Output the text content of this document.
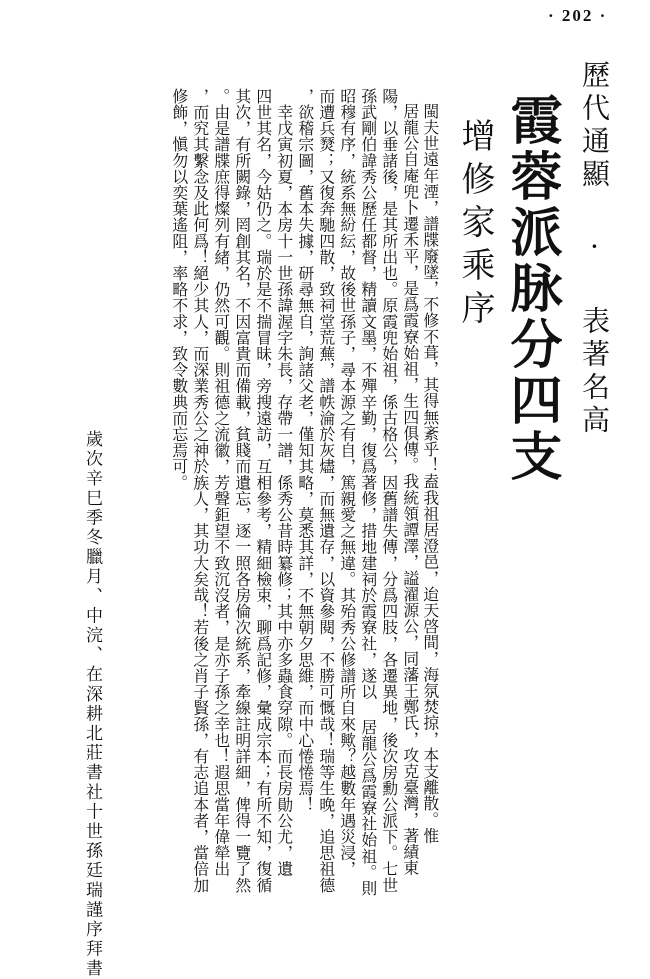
· 202 ·
歷代通顯 · 表著名高
霞蓉派脉分四支
增修家乘序
閩夫世遠年湮，譜牒廢墜，不修不葺，其得無紊乎！盍我祖居澄邑，迨天啓間，海氛焚掠，本支離散。惟
居龍公自庵兜卜遷禾平，是爲霞寮始祖，生四俱傳。我統領譚澤，謚濯源公，同藩王鄭氏，攻克臺灣，著績東
陽，以垂諸後，是其所出也。原霞兜始祖，係古格公，因舊譜失傳，分爲四肢，各遷異地，後次房勳公派下。七世
孫武剛伯諱秀公歷任都督，精讀文墨，不殫辛勤，復爲著修，措地建祠於霞寮社，遂以 居龍公爲霞寮社始祖。則
昭穆有序，統系無紛紜，故後世孫子，尋本源之有自，篤親愛之無違。其殆秀公修譜所自來歟？越數年遇災浸，
而遭兵燹；又復奔馳四散，致祠堂荒蕪，譜帙淪於灰燼，而無遺存，以資參閱，不勝可慨哉！瑞等生晚，追思祖德
，欲稽宗圖，舊本失據，研尋無自，詢諸父老，僅知其略，莫悉其詳，不無朝夕思維，而中心惓惓焉！
　幸戊寅初夏，本房十一世孫諱渥字朱長，存帶一譜，係秀公昔時纂修；其中亦多蟲食穿隙。而長房勛公尤，遺
四世其名，今姑仍之。瑞於是不揣冒昧，旁搜遠訪，互相參考，精細檢束，聊爲記修，彙成宗本；有所不知，復循
其次，有所闕錄，罔創其名，不因富貴而備載，貧賤而遺忘，逐一照各房倫次統系，牽線註明詳細，俾得一覽了然
。由是譜牒庶得燦列有緒，仍然可觀。則祖德之流徽，芳聲鉅望不致沉沒者，是亦子孫之幸也！遐思當年偉犖出
，而究其繫念及此何爲！絕少其人，而深業秀公之神於族人，其功大矣哉！若後之肖子賢孫，有志追本者，當倍加
修飾，愼勿以奕葉遙阻，率略不求，致令數典而忘焉可。
歲次辛巳季冬臘月、中浣、在深耕北莊書社十世孫廷瑞謹序拜書
